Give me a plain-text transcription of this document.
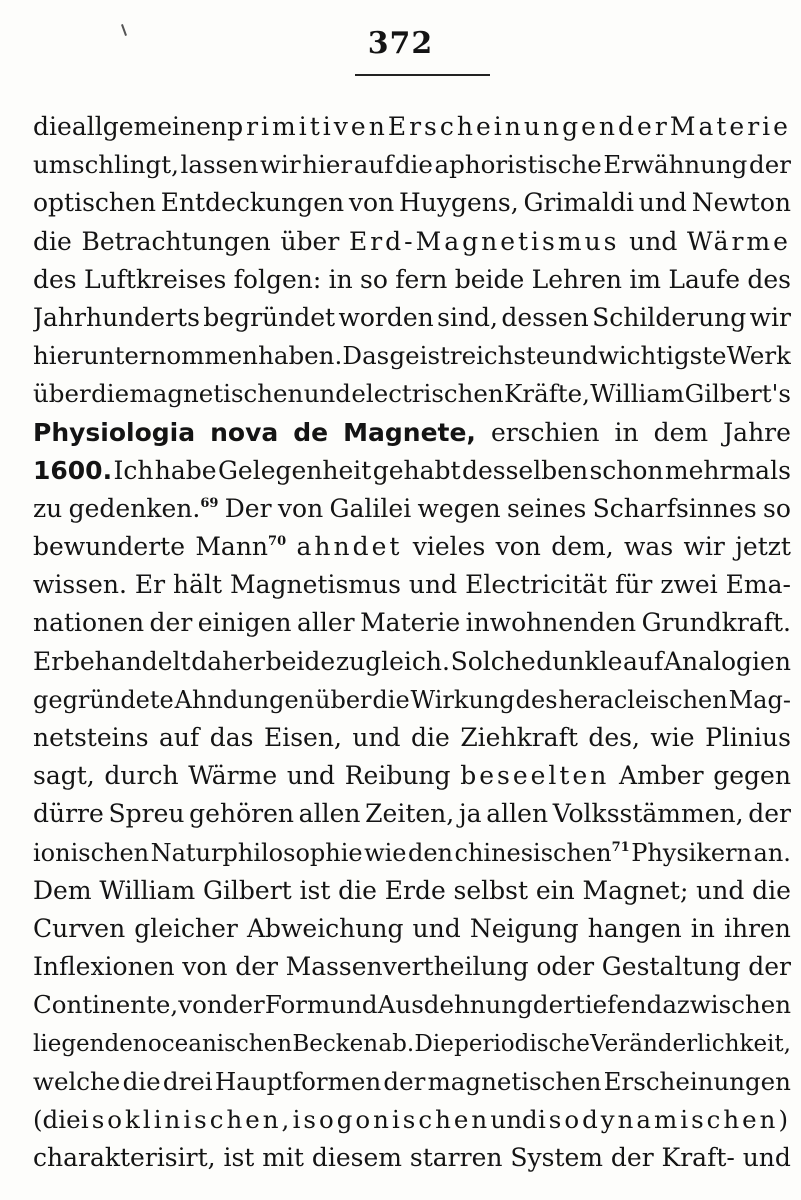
372
die allgemeinen primitiven Erscheinungen der Materie
umschlingt, lassen wir hier auf die aphoristische Erwähnung der
optischen Entdeckungen von Huygens, Grimaldi und Newton
die Betrachtungen über Erd-Magnetismus und Wärme
des Luftkreises folgen: in so fern beide Lehren im Laufe des
Jahrhunderts begründet worden sind, dessen Schilderung wir
hier unternommen haben. Das geistreichste und wichtigste Werk
über die magnetischen und electrischen Kräfte, William Gilbert's
Physiologia nova de Magnete, erschien in dem Jahre
1600. Ich habe Gelegenheit gehabt desselben schon mehrmals
zu gedenken.$^{69}$ Der von Galilei wegen seines Scharfsinnes so
bewunderte Mann$^{70}$ ahndet vieles von dem, was wir jetzt
wissen. Er hält Magnetismus und Electricität für zwei Ema-
nationen der einigen aller Materie inwohnenden Grundkraft.
Er behandelt daher beide zugleich. Solche dunkle auf Analogien
gegründete Ahndungen über die Wirkung des heracleischen Mag-
netsteins auf das Eisen, und die Ziehkraft des, wie Plinius
sagt, durch Wärme und Reibung beseelten Amber gegen
dürre Spreu gehören allen Zeiten, ja allen Volksstämmen, der
ionischen Naturphilosophie wie den chinesischen$^{71}$ Physikern an.
Dem William Gilbert ist die Erde selbst ein Magnet; und die
Curven gleicher Abweichung und Neigung hangen in ihren
Inflexionen von der Massenvertheilung oder Gestaltung der
Continente, von der Form und Ausdehnung der tiefen dazwischen
liegenden oceanischen Becken ab. Die periodische Veränderlichkeit,
welche die drei Hauptformen der magnetischen Erscheinungen
(die isoklinischen, isogonischen und isodynamischen)
charakterisirt, ist mit diesem starren System der Kraft- und
